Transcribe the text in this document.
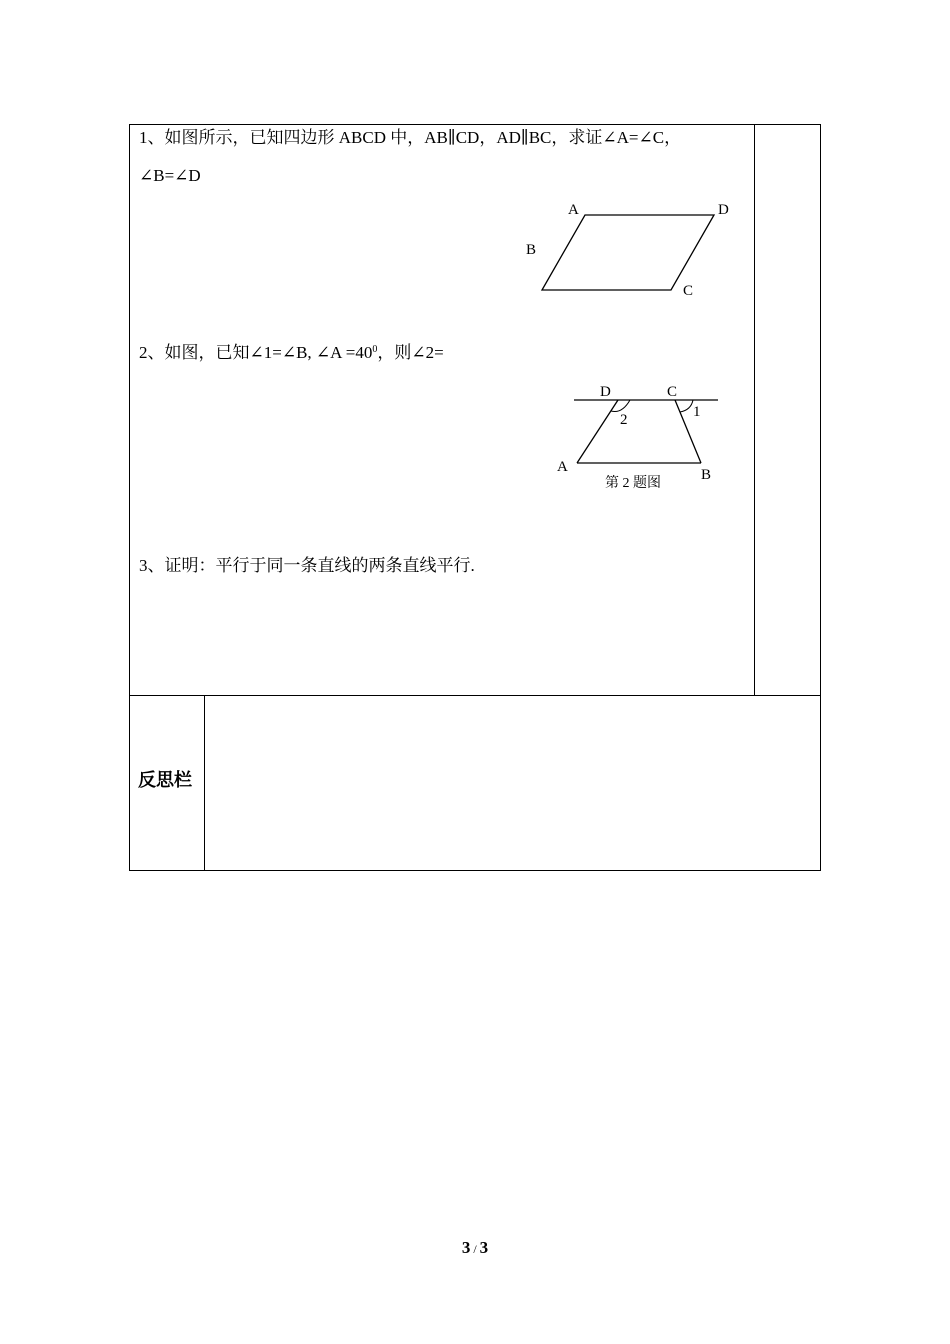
1、如图所示，已知四边形 ABCD 中，AB∥CD，AD∥BC，求证∠A=∠C，
∠B=∠D
A	D
B
C
2、如图，已知∠1=∠B, ∠A $=40^0$，则∠2=
D	C
2	1
A	B
第 2 题图
3、证明：平行于同一条直线的两条直线平行.
反思栏
3 / 3
